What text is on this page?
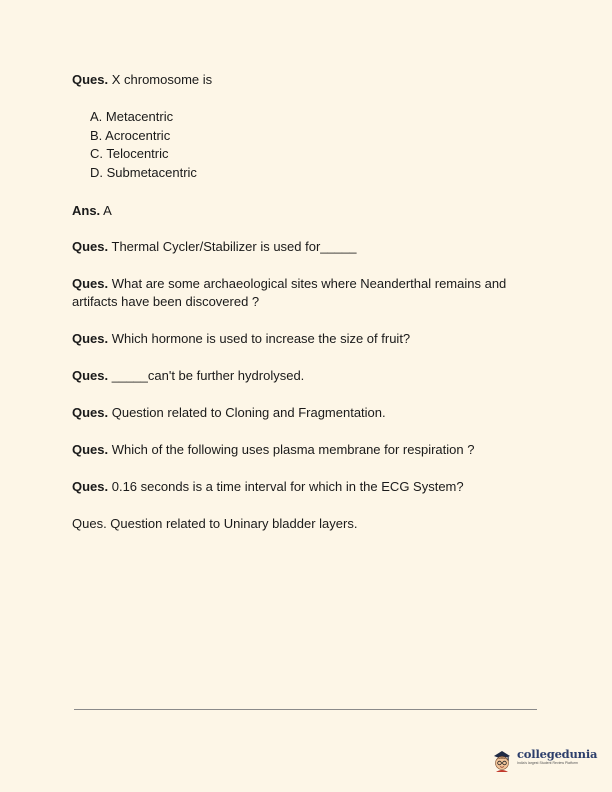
Ques. X chromosome is
A. Metacentric
B. Acrocentric
C. Telocentric
D. Submetacentric
Ans. A
Ques. Thermal Cycler/Stabilizer is used for_____
Ques. What are some archaeological sites where Neanderthal remains and artifacts have been discovered ?
Ques. Which hormone is used to increase the size of fruit?
Ques. _____can't be further hydrolysed.
Ques. Question related to Cloning and Fragmentation.
Ques. Which of the following uses plasma membrane for respiration ?
Ques. 0.16 seconds is a time interval for which in the ECG System?
Ques. Question related to Uninary bladder layers.
collegedunia
India's largest Student Review Platform
